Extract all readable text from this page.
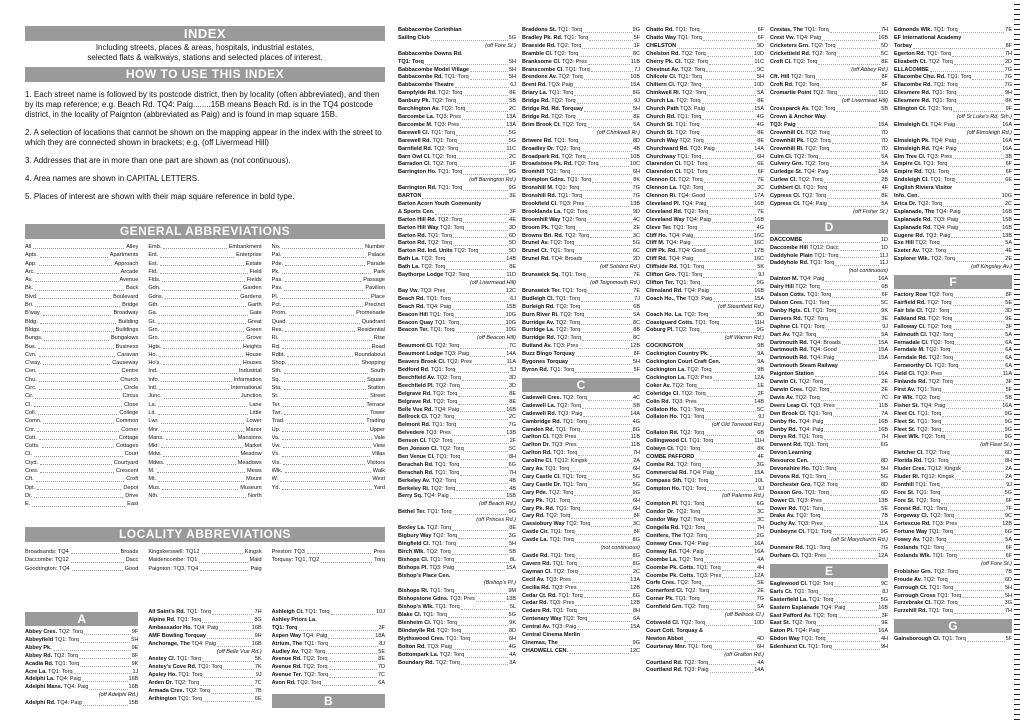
INDEX
Including streets, places & areas, hospitals, industrial estates,
selected flats & walkways, stations and selected places of interest.
HOW TO USE THIS INDEX

1. Each street name is followed by its postcode district, then by locality (often abbreviated), and then by its map reference; e.g. Beach Rd. TQ4: Paig........15B means Beach Rd. is in the TQ4 postcode district, in the locality of Paignton (abbreviated as Paig) and is found in map square 15B.

2. A selection of locations that cannot be shown on the mapping appear in the index with the street to which they are connected shown in brackets; e.g. (off Livermead Hill)

3. Addresses that are in more than one part are shown as (not continuous).

4. Area names are shown in CAPITAL LETTERS.

5. Places of interest are shown with their map square reference in bold type.

GENERAL ABBREVIATIONS
All	Alley
Apts.	Apartments
App.	Approach
Arc.	Arcade
Av.	Avenue
Bk.	Back
Blvd.	Boulevard
Bri.	Bridge
B'way.	Broadway
Bldg.	Building
Bldgs.	Buildings
Bungs.	Bungalows
Bus.	Business
Cvn.	Caravan
C'way.	Causeway
Cen.	Centre
Chu.	Church
Circ.	Circle
Cir.	Circus
Cl.	Close
Coll.	College
Comn.	Common
Cnr.	Corner
Cott.	Cottage
Cotts.	Cottages
Ct.	Court
Ctyd.	Courtyard
Cres.	Crescent
Cft.	Croft
Dpt.	Depot
Dr.	Drive
E.	East
Emb.	Embankment
Ent.	Enterprise
Est.	Estate
Fld.	Field
Flds.	Fields
Gdn.	Garden
Gdns.	Gardens
Gth.	Garth
Ga.	Gate
Gt.	Great
Grn.	Green
Gro.	Grove
Hgts.	Heights
Ho.	House
Ho's.	Houses
Ind.	Industrial
Info.	Information
Intl.	International
Junc.	Junction
La.	Lane
Lit.	Little
Lwr.	Lower
Mnr.	Manor
Mans.	Mansions
Mkt.	Market
Mdw.	Meadow
Mdws.	Meadows
M.	Mews
Mt.	Mount
Mus.	Museum
Nth.	North
No.	Number
Pal.	Palace
Pde.	Parade
Pk.	Park
Pas.	Passage
Pav.	Pavilion
Pl.	Place
Pct.	Precinct
Prom.	Promenade
Quad.	Quadrant
Res.	Residential
Ri.	Rise
Rd.	Road
Rdbt.	Roundabout
Shop.	Shopping
Sth.	South
Sq.	Square
Sta.	Station
St.	Street
Ter.	Terrace
Twr.	Tower
Trad.	Trading
Up.	Upper
Va.	Vale
Vw.	View
Vs.	Villas
Vis.	Visitors
Wlk.	Walk
W.	West
Yd.	Yard
LOCALITY ABBREVIATIONS
Broadsands: TQ4	Broads
Daccombe: TQ12	Dacc
Goodrington: TQ4	Good
Kingskerswell: TQ12	Kingsk
Maidencombe: TQ1	Maid
Paignton: TQ3, TQ4	Paig
Preston: TQ3	Pres
Torquay: TQ1, TQ2	Torq
A
Abbey Cres. TQ2: Torq	9F
Abbeyfield TQ1: Torq	5H
Abbey Pk.	9E
Abbey Rd. TQ2: Torq	8F
Acadia Rd. TQ1: Torq	9K
Acre La. TQ1: Torq	1J
Adelphi La. TQ4: Paig	16B
Adelphi Mans. TQ4: Paig	16B
(off Adelphi Rd.)
Adelphi Rd. TQ4: Paig	15B
All Saint's Rd. TQ1: Torq	7H
Alpine Rd. TQ1: Torq	8G
Ambassador Ho. TQ4: Paig	16B
AMF Bowling Torquay	9H
Anchorage, The TQ4: Paig	16B
(off Belle Vue Rd.)
Anstey Cl. TQ1: Torq	5K
Anstey's Cove Rd. TQ1: Torq	7K
Apsley Ho. TQ1: Torq	9J
Arden Dr. TQ2: Torq	7C
Armada Cres. TQ2: Torq	7B
Arthington TQ1: Torq	6E
Ashleigh Ct. TQ1: Torq	10J
Ashley Priors La.
TQ1: Torq	3F
Aspen Way TQ4: Paig	18A
Atrium, The TQ1: Torq	8J
Audley Av. TQ2: Torq	5E
Avenue Rd. TQ2: Torq	8E
Avenue Rd. TQ2: Torq	7D
Avenue Ter. TQ2: Torq	7C
Avon Rd. TQ2: Torq	6A
B
Babbacombe Corinthian
Sailing Club	5G
(off Fore St.)
Babbacombe Downs Rd.
TQ1: Torq	5H
Babbacombe Model Village	5H
Babbacombe Rd. TQ1: Torq	5H
Babbacombe Theatre	6J
Bampfylde Rd. TQ2: Torq	8E
Banbury Pk. TQ2: Torq	5B
Barchington Av. TQ2: Torq	2C
Barcombe La. TQ3: Pres	13A
Barcombe M. TQ3: Pres	13A
Barewell Cl. TQ1: Torq	5G
Barewell Rd. TQ1: Torq	5G
Barnfield Rd. TQ2: Torq	11C
Barn Owl Cl. TQ2: Torq	2C
Barradon Cl. TQ2: Torq	1F
Barrington Ho. TQ1: Torq	9G
(off Barrington Rd.)
Barrington Rd. TQ1: Torq	9G
BARTON	3E
Barton Acorn Youth Community
& Sports Cen.	3F
Barton Hill Rd. TQ2: Torq	4E
Barton Hill Way TQ2: Torq	3D
Barton Rd. TQ1: Torq	6D
Barton Rd. TQ2: Torq	5D
Barton Rd. Ind. Units TQ2: Torq	5D
Bath La. TQ2: Torq	14B
Bath La. TQ2: Torq	8E
Baythorpe Lodge TQ2: Torq	11D
(off Livermead Hill)
Bay Vw. TQ3: Pres	12C
Beach Rd. TQ1: Torq	6J
Beach Rd. TQ4: Paig	15B
Beacon Hill TQ1: Torq	10G
Beacon Quay TQ1: Torq	10G
Beacon Ter. TQ1: Torq	10G
(off Beacon Hill)
Beaumont Cl. TQ2: Torq	7C
Beaumont Lodge TQ3: Paig	14A
Beavers Brook Cl. TQ2: Pres	11A
Bedford Rd. TQ1: Torq	5J
Beechfield Av. TQ2: Torq	3D
Beechfield Pl. TQ2: Torq	3D
Belgrave Rd. TQ2: Torq	8E
Belgrave Rd. TQ2: Torq	8E
Belle Vue Rd. TQ4: Paig	16B
Bellrock Cl. TQ2: Torq	2C
Belmont Rd. TQ1: Torq	7G
Belvedere TQ3: Pres	13B
Benson Cl. TQ2: Torq	2F
Ben Jonson Cl. TQ2: Torq	5C
Ben Venue Cl. TQ1: Torq	8H
Berachah Rd. TQ1: Torq	6G
Berachah Rd. TQ1: Torq	7H
Berkeley Av. TQ2: Torq	4B
Berkeley Ri. TQ2: Torq	4B
Berry Sq. TQ4: Paig	15B
(off Beach Rd.)
Bethel Ter. TQ1: Torq	9G
(off Princes Rd.)
Bexley La. TQ2: Torq	8E
Bigbury Way TQ2: Torq	3G
Bingfield Cl. TQ1: Torq	5H
Birch Wlk. TQ2: Torq	5B
Bishops Cl. TQ1: Torq	8L
Bishops Pl. TQ3: Paig	15A
Bishop's Place Cen.
(Bishop's Pl.)
Bishops Rl. TQ1: Torq	9M
Bishopstone Gdns. TQ3: Pres	13B
Bishop's Wlk. TQ1: Torq	5L
Blake Cl. TQ1: Torq	5G
Blenheim Cl. TQ1: Torq	9K
Blindwylle Rd. TQ2: Torq	8D
Blythswood Cres. TQ1: Torq	6H
Bolton Rd. TQ3: Paig	4G
Bottompark La. TQ2: Torq	4A
Boundary Rd. TQ2: Torq	3A
Braddons St. TQ1: Torq	9G
Bradley Pk. Rd. TQ1: Torq	5F
Braeside Rd. TQ2: Torq	1F
Bramble Cl. TQ2: Torq	8C
Branksome Cl. TQ3: Pres	11B
Branscombe Cl. TQ1: Torq	7J
Brendons Av. TQ2: Torq	10B
Brent Rd. TQ3: Paig	15A
Briary La. TQ1: Torq	8G
Bridge Rd. TQ2: Torq	9J
Bridge Rd. Rd. Torquay	5H
Bridge Rd. TQ2: Torq	8E
Brim Brook Ct. TQ2: Torq	5A
(off Chinkwell Ri.)
Briwere Rd. TQ1: Torq	8D
Broadley Dr. TQ2: Torq	4B
Broadpark Rd. TQ2: Torq	10B
Broadstone Pk. Rd. TQ2: Torq	10C
Bromhill TQ1: Torq	6H
Brompton Gdns. TQ1: Torq	8K
Bronshill M. TQ1: Torq	7G
Bronshill Rd. TQ1: Torq	7G
Brookfield Cl. TQ3: Pres	13B
Brooklands La. TQ2: Torq	9D
Broomhill Way TQ2: Torq	4C
Broom Pk. TQ2: Torq	2E
Browns Bri. Rd. TQ2: Torq	3C
Brunel Av. TQ2: Torq	5G
Brunel Ct. TQ1: Torq	6C
Brunel Rd. TQ4: Broads	2D
(off Solsbro Rd.)
Brunswick Sq. TQ1: Torq	7E
(off Teignmouth Rd.)
Brunswick Ter. TQ1: Torq	7E
Budleigh Cl. TQ1: Torq	7J
Burleigh Rd. TQ2: Torq	6B
Burn River Ri. TQ2: Torq	5A
Burridge Av. TQ2: Torq	8C
Burridge La. TQ2: Torq	8B
Burridge Rd. TQ2: Torq	8C
Butland Av. TQ3: Pres	12B
Buzz Bingo Torquay	8F
Bygones Torquay	5H
Byron Rd. TQ1: Torq	5F
C
Cadewell Cres. TQ2: Torq	4C
Cadewell La. TQ2: Torq	5B
Cadewell Rd. TQ3: Paig	14A
Cambridge Rd. TQ1: Torq	4G
Camden Rd. TQ1: Torq	8G
Carlton Cl. TQ3: Pres	11B
Carlton Dr. TQ3: Pres	11B
Carlton Rd. TQ1: Torq	7H
Caroline Cl. TQ12: Kingsk	2A
Cary Av. TQ1: Torq	6H
Cary Castle Cl. TQ1: Torq	5G
Cary Castle Dr. TQ1: Torq	5G
Cary Pde. TQ2: Torq	9G
Cary Pk. TQ1: Torq	6H
Cary Pk. Rd. TQ1: Torq	6H
Cary Rd. TQ2: Torq	8F
Cassiobury Way TQ2: Torq	3C
Castle Cir. TQ1: Torq	8F
Castle La. TQ1: Torq	8G
(not continuous)
Castle Rd. TQ1: Torq	8G
Cavern Rd. TQ1: Torq	8G
Cayman Cl. TQ2: Torq	2C
Cecil Av. TQ3: Pres	13A
Cecilia Rd. TQ3: Pres	12B
Cedar Ct. Rd. TQ1: Torq	6G
Cedar Rd. TQ3: Pres	12B
Cedars Rd. TQ1: Torq	8H
Centenary Way TQ2: Torq	6A
Central Av. TQ3: Paig	15A
Central Cinema Merlin
Cinemas, The	9G
CHADWELL CEN.	12C
Chatto Rd. TQ1: Torq	6F
Chatto Way TQ1: Torq	6F
CHELSTON	9D
Chelston Rd. TQ2: Torq	10D
Cherry Pk. Cl. TQ2: Torq	11C
Chestnut Av. TQ2: Torq	9C
Chilcote Cl. TQ1: Torq	5H
Chiltern Cl. TQ2: Torq	10D
Chinkwell Ri. TQ2: Torq	5A
Church La. TQ2: Torq	8E
Church Path TQ3: Paig	15A
Church Rd. TQ1: Torq	4G
Church St. TQ1: Torq	4G
Church St. TQ2: Torq	8E
Church Way TQ2: Torq	8E
Churchward Rd. TQ3: Paig	14A
Churchway TQ1: Torq	6H
Clarendon Cl. TQ1: Torq	6E
Clarendon Cl. TQ1: Torq	6F
Clennon Ct. TQ2: Torq	7E
Clennon La. TQ2: Torq	3C
Clennon Ri. TQ4: Good	17A
Cleveland Pl. TQ4: Paig	16B
Cleveland Rd. TQ2: Torq	7E
Cleveland Way TQ4: Paig	16B
Cleve Ter. TQ1: Torq	4G
Cliff Ho. TQ4: Paig	16C
Cliff M. TQ4: Paig	16C
Cliff Pk. Rd. TQ4: Good	17B
Cliff Rd. TQ4: Paig	16C
Cliffside Rd. TQ1: Torq	5K
Clifton Gro. TQ1: Torq	9J
Clifton Ter. TQ1: Torq	9G
Climsland Rd. TQ4: Paig	16B
Coach Ho., The TQ3: Paig	15A
(off Steartfield Rd.)
Coach Ho. La. TQ2: Torq	9D
Coastguard Cotts. TQ1: Torq	11H
Coburg Pl. TQ2: Torq	9G
(off Warren Rd.)
COCKINGTON	9B
Cockington Country Pk.	9A
Cockington Court Craft Cen.	9A
Cockington La. TQ2: Torq	9B
Cockington La. TQ3: Pres	12A
Coker Av. TQ2: Torq	1E
Coleridge Cl. TQ2: Torq	2F
Colin Rd. TQ3: Pres	14B
Collaton Ho. TQ1: Torq	5C
Collaton Ho. TQ1: Torq	9J
(off Old Torwood Rd.)
Collaton Rd. TQ2: Torq	6B
Collingwood Cl. TQ1: Torq	11H
Colwyn Ct. TQ1: Torq	8K
COMBE PAFFORD	4F
Combe Rd. TQ2: Torq	3G
Commercial Rd. TQ4: Paig	15A
Compass Sth. TQ1: Torq	10L
Compton Ho. TQ1: Torq	9J
(off Palermo Rd.)
Compton Pl. TQ1: Torq	6G
Condor Dr. TQ2: Torq	3C
Condor Way TQ2: Torq	3C
Congella Rd. TQ1: Torq	7H
Conifers, The TQ2: Torq	2G
Conway Cres. TQ4: Paig	16A
Conway Rd. TQ4: Paig	16A
Coombe La. TQ2: Torq	4A
Coombe Pk. Cotts. TQ1: Torq	4H
Coombe Pk. Cotts. TQ3: Pres	12A
Corfe Cres. TQ2: Torq	5E
Cornerford Cl. TQ2: Torq	2E
Corner Pk. TQ1: Torq	7G
Cornfield Grn. TQ2: Torq	5A
(off Bellrock Cl.)
Cotswold Cl. TQ2: Torq	10D
Court Cott. Torquay &
Newton Abbot	4D
Courtenay Mnr. TQ1: Torq	6H
(off Grafton Rd.)
Courtland Rd. TQ2: Torq	4A
Courtland Rd. TQ3: Paig	14A
Crestas, The TQ1: Torq	7H
Crest Vw. TQ4: Paig	16B
Cricketers Grn. TQ2: Torq	5D
Crickettield Rd. TQ2: Torq	5C
Croft Cl. TQ2: Torq	8E
(off Abbey Rd.)
Cft. Hill TQ2: Torq	8F
Croft Rd. TQ2: Torq	8F
Cromartie Point TQ2: Torq	11D
(off Livermead Hill)
Crossparck Av. TQ2: Torq	5B
Crown & Anchor Way
TQ3: Paig	15A
Crownhill Ct. TQ2: Torq	7D
Crownhill Pk. TQ2: Torq	7D
Crownhill Ri. TQ2: Torq	7D
Culm Cl. TQ2: Torq	5A
Culvery Grn. TQ2: Torq	5A
Curledge St. TQ4: Paig	16A
Curlew Cl. TQ2: Torq	2B
Cuthbert Cl. TQ1: Torq	4F
Cypress Cl. TQ2: Torq	8E
Cypress Ct. TQ4: Paig	5A
(off Fisher St.)
D
DACCOMBE	1D
Daccombe Hill TQ12: Dacc	1D
Daddyhole Plain TQ1: Torq	11J
Daddyhole Rd. TQ1: Torq	11J
(not continuous)
Dainton M. TQ4: Paig	16A
Dairy Hill TQ2: Torq	6B
Dalson Cotts. TQ1: Torq	6F
Dalson Cres. TQ1: Torq	5C
Danby Hgts. Cl. TQ1: Torq	9K
Danvers Rd. TQ2: Torq	3E
Daphne Cl. TQ1: Torq	9J
Dart Av. TQ2: Torq	5A
Dartmouth Rd. TQ4: Broads	15A
Dartmouth Rd. TQ4: Good	15A
Dartmouth Rd. TQ4: Paig	15A
Dartmouth Steam Railway
Paignton Station	16A
Darwin Ct. TQ2: Torq	2E
Darwin Cres. TQ2: Torq	2E
Davis Av. TQ2: Torq	7C
Deers Leap Cl. TQ3: Pres	11B
Den Brook Cl. TQ1: Torq	7A
Denby Ho. TQ4: Paig	16B
Denby Rd. TQ4: Paig	16B
Denys Rd. TQ1: Torq	7H
Derwent Rd. TQ1: Torq	6G
Devon Learning
Resource Cen.	8D
Devonshire Ho. TQ1: Torq	5H
Devons Rd. TQ1: Torq	5G
Dorchester Gro. TQ2: Torq	8D
Dosson Gro. TQ1: Torq	6D
Dower Cl. TQ3: Pres	13B
Dower Rd. TQ1: Torq	5E
Drake Av. TQ2: Torq	7B
Duchy Av. TQ3: Pres	11A
Dunboyne Ct. TQ1: Torq	9G
(off St Marychurch Rd.)
Dunmere Rd. TQ1: Torq	7G
Durham Cl. TQ3: Pres	12A
E
Eaglewood Cl. TQ2: Torq	9C
Earls Ct. TQ1: Torq	8J
Easterfield La. TQ1: Torq	5G
Eastern Esplanade TQ4: Paig	16B
East Pafford Av. TQ2: Torq	3F
East St. TQ2: Torq	9E
Eaton Pl. TQ4: Paig	16A
Ebdon Way TQ1: Torq	4H
Edenhurst Ct. TQ1: Torq	9H
Edmonds Wlk. TQ1: Torq	7E
EF International Academy
Torbay	8F
Egerton Rd. TQ1: Torq	7H
Elizabeth Ct. TQ2: Torq	2D
ELLACOMBE	7G
Ellacombe Chu. Rd. TQ1: Torq	7G
Ellacombe Rd. TQ1: Torq	7G
Ellesmere Rd. TQ1: Torq	9H
Ellesmere Rd. TQ1: Torq	8K
Ellington Ct. TQ2: Torq	9F
(off St Luke's Rd. Sth.)
Elmsleigh Ct. TQ4: Paig	16A
(off Elmsleigh Rd.)
Elmsleigh Pk. TQ4: Paig	16A
Elmsleigh Rd. TQ4: Paig	16A
Elm Tree Cl. TQ3: Pres	3B
Empire Ct. TQ1: Torq	6F
Empire Rd. TQ1: Torq	6F
Endsleigh Cl. TQ1: Torq	6E
English Riviera Visitor
Info. Cen.	10G
Erica Dr. TQ2: Torq	2C
Esplanade, The TQ4: Paig	16B
Esplanade Rd. TQ3: Paig	15B
Esplanade Rd. TQ4: Paig	16B
Eugene Rd. TQ3: Paig	13B
Exe Hill TQ2: Torq	5A
Exeter Av. TQ2: Torq	4E
Explorer Wlk. TQ2: Torq	2E
(off Kingsley Av.)
F
Factory Row TQ2: Torq	8F
Fairfield Rd. TQ2: Torq	5E
Fair Isle Cl. TQ2: Torq	3D
Falkland Rd. TQ2: Torq	9E
Falloway Cl. TQ2: Torq	3F
Falmouth Cl. TQ2: Torq	5A
Fernadale Cl. TQ2: Torq	6A
Ferndale M. TQ2: Torq	6A
Ferndale Rd. TQ2: Torq	6A
Fernworthy Cl. TQ2: Torq	6A
Field Cl. TQ3: Pres	11A
Finlands Rd. TQ2: Torq	3F
First Av. TQ1: Torq	5F
Fir Wlk. TQ2: Torq	5B
Fisher St. TQ4: Paig	16A
Fleet Ct. TQ1: Torq	9G
Fleet St. TQ1: Torq	9G
Fleet St. TQ2: Torq	9G
Fleet Wlk. TQ2: Torq	9G
(off Fleet St.)
Fletcher Cl. TQ2: Torq	6D
Florida Rd. TQ1: Torq	8H
Fluder Cres. TQ12: Kingsk	2A
Fluder Ri. TQ12: Kingsk	2A
Fonthill TQ1: Torq	9J
Fore St. TQ1: Torq	5G
Fore St. TQ2: Torq	6F
Forest Rd. TQ1: Torq	7F
Forgeway Cl. TQ2: Torq	9C
Fortescue Rd. TQ3: Pres	12B
Fortune Way TQ1: Torq	6G
Fowey Av. TQ2: Torq	5A
Foxlands TQ1: Torq	6F
Foxlands Wlk. TQ1: Torq	6F
(off Fore St.)
Frobisher Grn. TQ2: Torq	7B
Froude Av. TQ2: Torq	6D
Furrough Ct. TQ1: Torq	5H
Furrough Cross TQ1: Torq	5H
Furzebrake Cl. TQ2: Torq	3G
Furzehill Rd. TQ1: Torq	7H
G
Gainsborough Cl. TQ1: Torq	5F
